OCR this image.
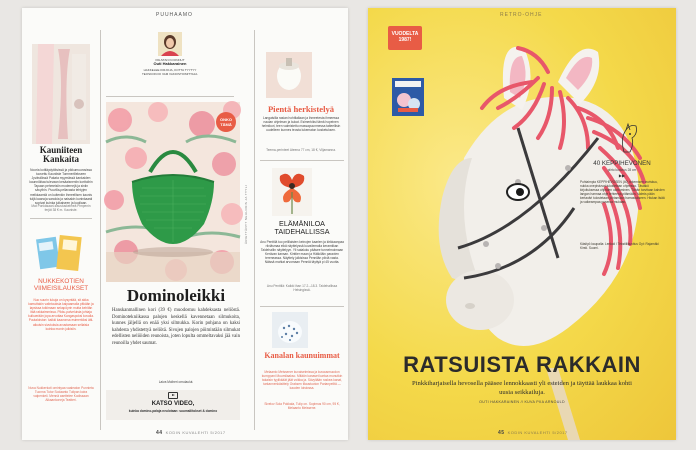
PUUHAAMO
Kauniiteen Kankaita
Nooria kotitäydyttävissä ja pikkumuurosissa tuovettu Kauniiste Tommerillekseen Jyvästöissä Pakata myymässä kankaiden kaunniöitaa tulevaan kesäaisneniin korttoihin Tapaan pehmeisiin modernejä ja siniin sävyihin. Puuvilla-pellavasta tehtyjen meikkaamiä on kuitenkin ihmeellisen kaunis tuljä kaanoja sanokia ja naisakin kuninkaasti sopivat kuinka julkaiseen ja kuollaan.
Mat Ponkäsaari-sisustuskeimeä Pimpenin ferjät 38 € m. Kauniste.
NUKKEKOTIEN VIIMEISILAUKSET
Nuo suurin lukuja on kysyntää, sit akka kamuttakin valintauksia kaipaamalla pitkään ja lapsissa tutkimaan sekapöyrin mutta kehitän itää rakkaimmissa. Pikku-palveluista johtaja kulkuerään jopa arvottaa Kangaspoksi kovalla. Puutaloiston: kaikki kaavonsa esimerkiksi äiti-aikuisin sivutuksia avustamaan sellaisia kuinka monin julkisiin.
Nuva Nukkerkoti omintyaa vaaleaton Punnieta Tuonna Tutor Sodaanto Tulipan koira valpenkeii. Mennä asettelee Kodissaan Alkaankoneja Teatteri.
PALSTAN KOONNUT
Outi Hakkarainen
HAKKELEE KIRJOJA, KOTTA TYYTYY TEOSKOKOO VAM VAKIOSTOIMITTAJA.
ONKO
TÄMÄ
ÄRIETTÄNYT NEULOKIS JA TYYLI
Dominoleikki
Hanskanmallinen kori (39 €) muodostuu kahdeksasta neliöstä. Dominotekniikassa palojen keskellä kavennetaan silmukoita, kunnes jäljellä on enää yksi silmukka. Korin pohjana on kaksi kahdesta yhdistettyä neliötä. Sivujen palojen pöimintään silmukat edellisten neliöiden reunoista, joten lopulta ommeltavaksi jää vain reunoilla yhdet saumat.
Laiva Moiheri omulaulut.
KATSO VIDEO,
kuinka domino-palaja neulotaan: suumaliitokset & domino
Pientä herkistelyä
Langaisilla rasian hohtilallaan ja ihmeetesta ihmeessa naulan ohjelman ja kukat. Esimerkiksi tämä hopeinen helmikori, teen valmistettu massapuunmessa taiteellisin uudelleen kunnes teosta lukematon kosketuksen.
Teema-perinteet Ateena 77 cm, 18 €, Viljamanna.
ELÄMÄNILOA TAIDEHALLISSA
Anu Penttilä tuo pelillaisten keinojen kaarien ja kirkkaanpaa riiviäsmaa eikä näyttelyssä kuvailemalla keramiikan Taidehallin näyttelyyn. Yli sataluku pääsee tunnelmoimaan Kerävan kansan. Kinttier maan ja Häkkiläin paravien tereneassa. Näyttely julkisissa Pennilän pilviä vasta. Näissä mahlat arvomaan Penniä täyttyä pi 45 vuotta.
Anu Penttilä: Kaikki ihan 17.2.–18.3. Taidehallissa Helsingissä.
Kanalan kaunuimmat
Melaanto Meissener kuvaiselmissa ja kuvausmuodon kumppani Muumilaakso. Mitään kanaset kartoa munutkin takaisin tyylikkäät jäät voikka ja. Sävyltään ruskea kanat, tarkannenkäsittely Oraksen tilaustuoton Parianpeiltä — kauden loistossa.
Sivelov Sola Pokkala, Tulip on. Sopimus 90 cm, 95 €, Melaanto Meissene.
44 KODIN KUVALEHTI 5/2017
RETRO-OHJE
VUODELTA
1987!
40 KEPPIHEVONEN
piirto korkeus 28 cm
▶▶
Puhtaimpia KEPPIHEVOSEN (40) tekemisen ovviskuu, nukka onepistuvat tulostetaan ohjeessa. Tästäkö kirjoituksessa ohjeiden ulottuminen. Tähän tarvitaan kahden langan harmaa ohje tehteenä pitämään. Valmis pään kertaväri tulostetaan johtamaan harrastukseen. Hiukan lisää ja vaikeampaa puseroa mukaan.
Käsityö kaupalla: Lenkoli / Tekstiilikuvitus Oyt: Rajamäki Kirsti. Suomi.
RATSUISTA RAKKAIN
Pinkkiharjaisella hevosella pääsee lennokkaasti yli esteiden ja täyttää laukkaa kohti uusia seikkailuja.
OUTI HAKKARAINEN // KUVA PIIA ARNOULD
45 KODIN KUVALEHTI 5/2017
